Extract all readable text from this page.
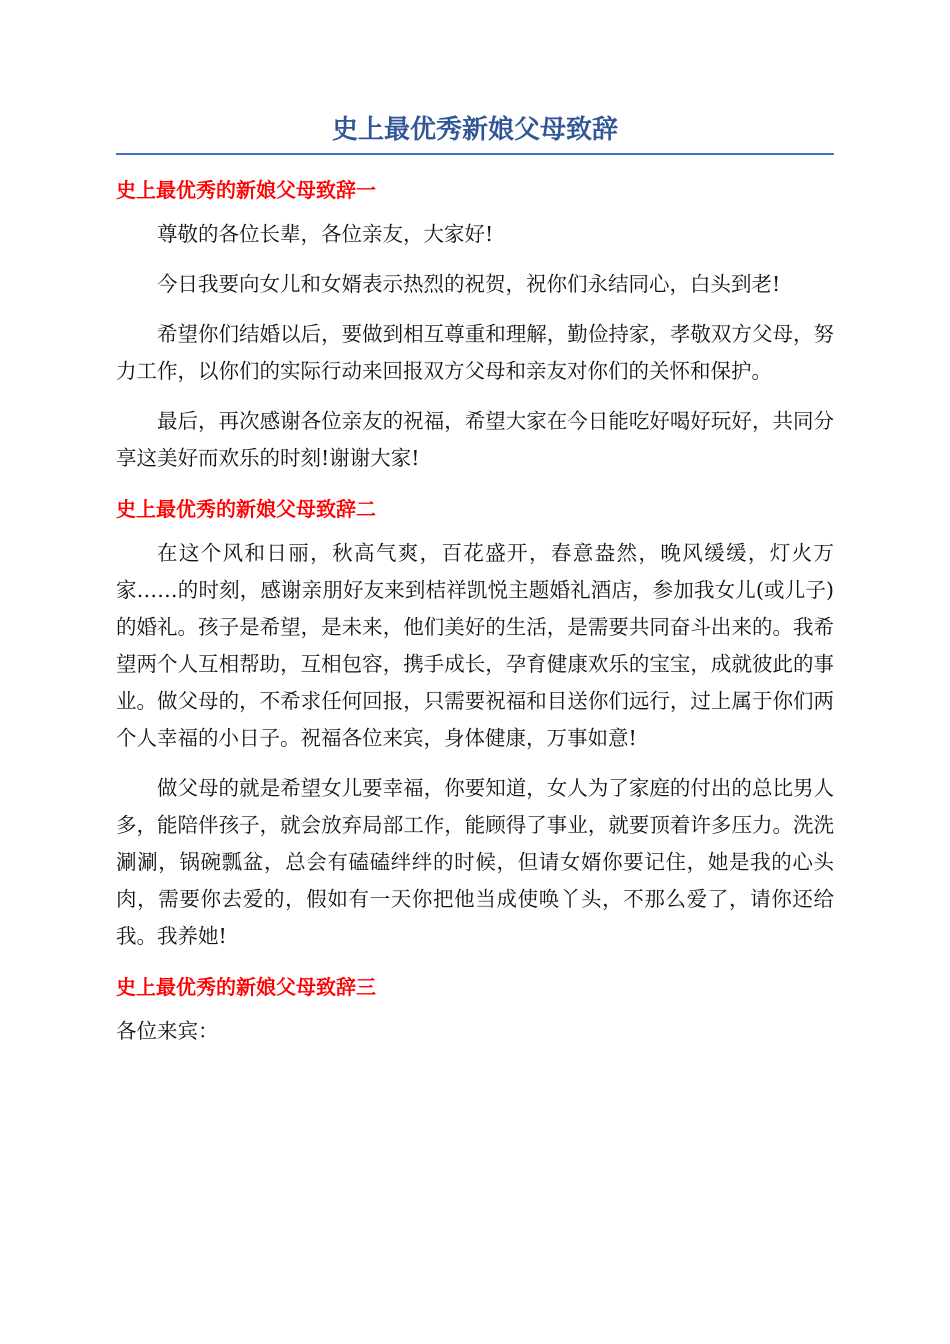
史上最优秀新娘父母致辞
史上最优秀的新娘父母致辞一

尊敬的各位长辈，各位亲友，大家好!

今日我要向女儿和女婿表示热烈的祝贺，祝你们永结同心，白头到老!

希望你们结婚以后，要做到相互尊重和理解，勤俭持家，孝敬双方父母，努力工作，以你们的实际行动来回报双方父母和亲友对你们的关怀和保护。

最后，再次感谢各位亲友的祝福，希望大家在今日能吃好喝好玩好，共同分享这美好而欢乐的时刻!谢谢大家!

史上最优秀的新娘父母致辞二

在这个风和日丽，秋高气爽，百花盛开，春意盎然，晚风缓缓，灯火万家……的时刻，感谢亲朋好友来到桔祥凯悦主题婚礼酒店，参加我女儿(或儿子)的婚礼。孩子是希望，是未来，他们美好的生活，是需要共同奋斗出来的。我希望两个人互相帮助，互相包容，携手成长，孕育健康欢乐的宝宝，成就彼此的事业。做父母的，不希求任何回报，只需要祝福和目送你们远行，过上属于你们两个人幸福的小日子。祝福各位来宾，身体健康，万事如意!

做父母的就是希望女儿要幸福，你要知道，女人为了家庭的付出的总比男人多，能陪伴孩子，就会放弃局部工作，能顾得了事业，就要顶着许多压力。洗洗涮涮，锅碗瓢盆，总会有磕磕绊绊的时候，但请女婿你要记住，她是我的心头肉，需要你去爱的，假如有一天你把他当成使唤丫头，不那么爱了，请你还给我。我养她!

史上最优秀的新娘父母致辞三

各位来宾：
